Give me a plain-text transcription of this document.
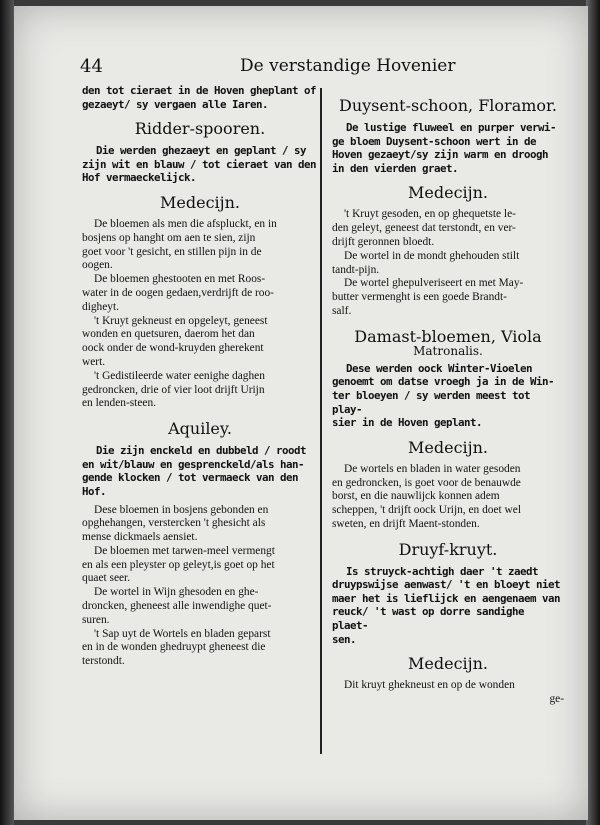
44	De verstandige Hovenier

den tot cieraet in de Hoven gheplant of

gezaeyt/ sy vergaen alle Iaren.

Ridder-spooren.

Die werden ghezaeyt en geplant / sy

zijn wit en blauw / tot cieraet van den

Hof vermaeckelijck.

Medecijn.

De bloemen als men die afspluckt, en in

bosjens op hanght om aen te sien, zijn

goet voor 't gesicht, en stillen pijn in de

oogen.

De bloemen ghestooten en met Roos-

water in de oogen gedaen,verdrijft de roo-

digheyt.

't Kruyt gekneust en opgeleyt, geneest

wonden en quetsuren, daerom het dan

oock onder de wond-kruyden gherekent

wert.

't Gedistileerde water eenighe daghen

gedroncken, drie of vier loot drijft Urijn

en lenden-steen.

Aquiley.

Die zijn enckeld en dubbeld / roodt

en wit/blauw en gesprenckeld/als han-

gende klocken / tot vermaeck van den

Hof.

Dese bloemen in bosjens gebonden en

opghehangen, verstercken 't ghesicht als

mense dickmaels aensiet.

De bloemen met tarwen-meel vermengt

en als een pleyster op geleyt,is goet op het

quaet seer.

De wortel in Wijn ghesoden en ghe-

droncken, gheneest alle inwendighe quet-

suren.

't Sap uyt de Wortels en bladen geparst

en in de wonden ghedruypt gheneest die

terstondt.

Duysent-schoon, Floramor.

De lustige fluweel en purper verwi-

ge bloem Duysent-schoon wert in de

Hoven gezaeyt/sy zijn warm en droogh

in den vierden graet.

Medecijn.

't Kruyt gesoden, en op ghequetste le-

den geleyt, geneest dat terstondt, en ver-

drijft geronnen bloedt.

De wortel in de mondt ghehouden stilt

tandt-pijn.

De wortel ghepulveriseert en met May-

butter vermenght is een goede Brandt-

salf.

Damast-bloemen, Viola
Matronalis.

Dese werden oock Winter-Vioelen

genoemt om datse vroegh ja in de Win-

ter bloeyen / sy werden meest tot play-

sier in de Hoven geplant.

Medecijn.

De wortels en bladen in water gesoden

en gedroncken, is goet voor de benauwde

borst, en die nauwlijck konnen adem

scheppen, 't drijft oock Urijn, en doet wel

sweten, en drijft Maent-stonden.

Druyf-kruyt.

Is struyck-achtigh daer 't zaedt

druypswijse aenwast/ 't en bloeyt niet

maer het is lieflijck en aengenaem van

reuck/ 't wast op dorre sandighe plaet-

sen.

Medecijn.

Dit kruyt ghekneust en op de wonden

ge-
